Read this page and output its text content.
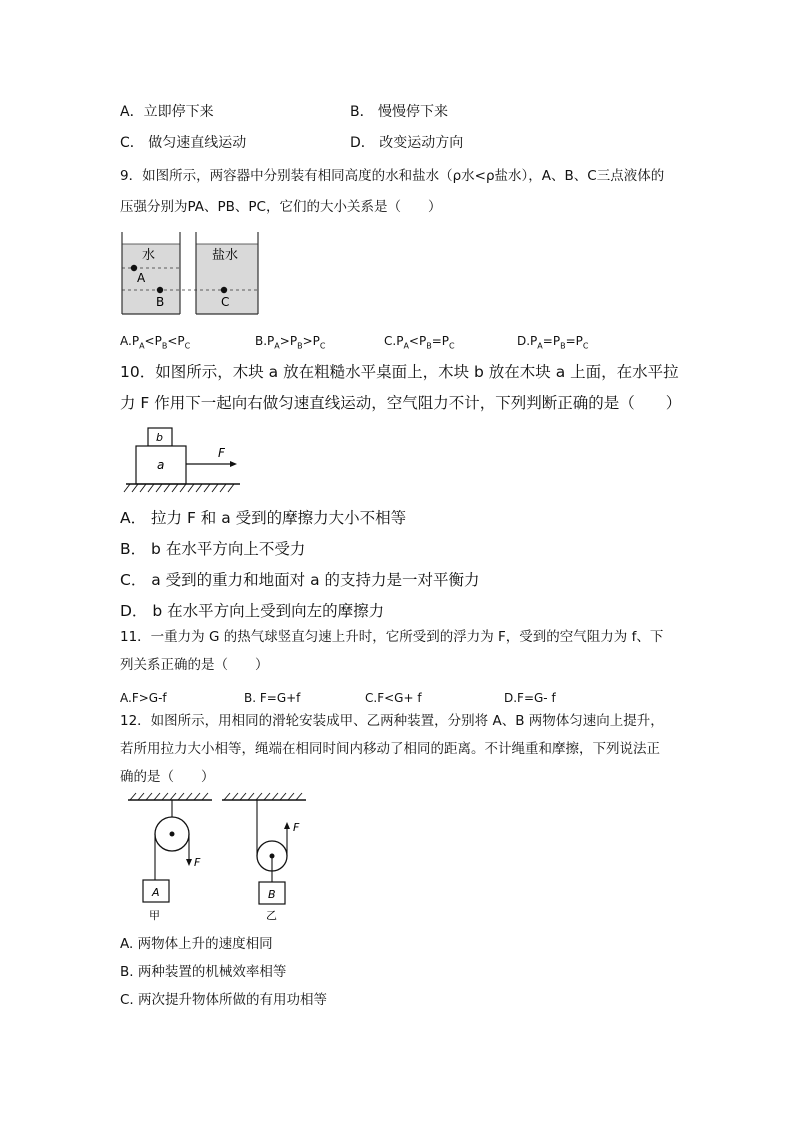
A．立即停下来	B． 慢慢停下来
C． 做匀速直线运动	D． 改变运动方向
9．如图所示，两容器中分别装有相同高度的水和盐水（ρ水<ρ盐水），A、B、C三点液体的
压强分别为PA、PB、PC，它们的大小关系是（　　）
水	盐水
A
B	C
$A.P_A<P_B<P_C$	$B.P_A>P_B>P_C$	$C.P_A<P_B=P_C$	$D.P_A=P_B=P_C$
10．如图所示，木块 a 放在粗糙水平桌面上，木块 b 放在木块 a 上面，在水平拉
力 F 作用下一起向右做匀速直线运动，空气阻力不计，下列判断正确的是（　　）
b
a
F
A． 拉力 F 和 a 受到的摩擦力大小不相等
B． b 在水平方向上不受力
C． a 受到的重力和地面对 a 的支持力是一对平衡力
D． b 在水平方向上受到向左的摩擦力
11．一重力为 G 的热气球竖直匀速上升时，它所受到的浮力为 F，受到的空气阻力为 f、下
列关系正确的是（　　）
A.F>G-f	B. F=G+f	C.F<G+ f	D.F=G- f
12．如图所示，用相同的滑轮安装成甲、乙两种装置，分别将 A、B 两物体匀速向上提升，
若所用拉力大小相等，绳端在相同时间内移动了相同的距离。不计绳重和摩擦，下列说法正
确的是（　　）
A
F
甲
B
F
乙
A. 两物体上升的速度相同
B. 两种装置的机械效率相等
C. 两次提升物体所做的有用功相等
